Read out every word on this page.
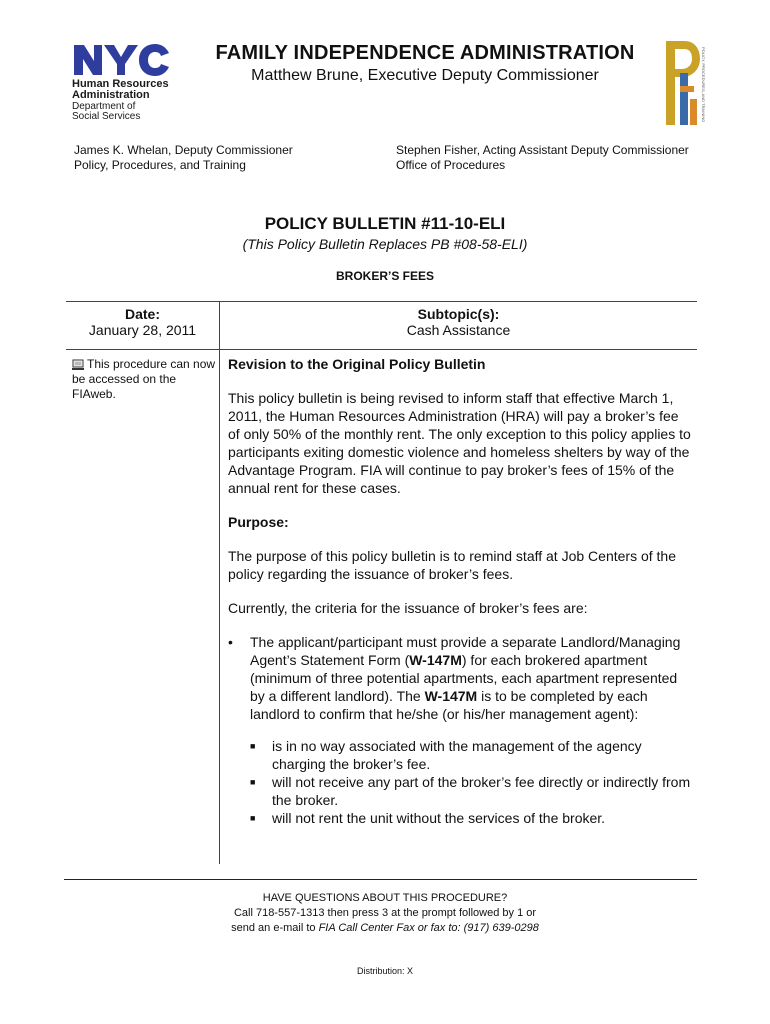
Human Resources
Administration
Department of
Social Services
FAMILY INDEPENDENCE ADMINISTRATION
Matthew Brune, Executive Deputy Commissioner	POLICY, PROCEDURES, AND TRAINING
James K. Whelan, Deputy Commissioner
Policy, Procedures, and Training
Stephen Fisher, Acting Assistant Deputy Commissioner
Office of Procedures
POLICY BULLETIN #11-10-ELI
(This Policy Bulletin Replaces PB #08-58-ELI)
BROKER’S FEES
Date:
January 28, 2011
Subtopic(s):
Cash Assistance
This procedure can now be accessed on the FIAweb.

Revision to the Original Policy Bulletin

This policy bulletin is being revised to inform staff that effective March 1, 2011, the Human Resources Administration (HRA) will pay a broker’s fee of only 50% of the monthly rent. The only exception to this policy applies to participants exiting domestic violence and homeless shelters by way of the Advantage Program. FIA will continue to pay broker’s fees of 15% of the annual rent for these cases.

Purpose:

The purpose of this policy bulletin is to remind staff at Job Centers of the policy regarding the issuance of broker’s fees.

Currently, the criteria for the issuance of broker’s fees are:

•	The applicant/participant must provide a separate Landlord/Managing Agent’s Statement Form (W-147M) for each brokered apartment (minimum of three potential apartments, each apartment represented by a different landlord). The W-147M is to be completed by each landlord to confirm that he/she (or his/her management agent):

■	is in no way associated with the management of the agency charging the broker’s fee.
■	will not receive any part of the broker’s fee directly or indirectly from the broker.
■	will not rent the unit without the services of the broker.
HAVE QUESTIONS ABOUT THIS PROCEDURE?
Call 718-557-1313 then press 3 at the prompt followed by 1 or
send an e-mail to FIA Call Center Fax or fax to: (917) 639-0298
Distribution: X
